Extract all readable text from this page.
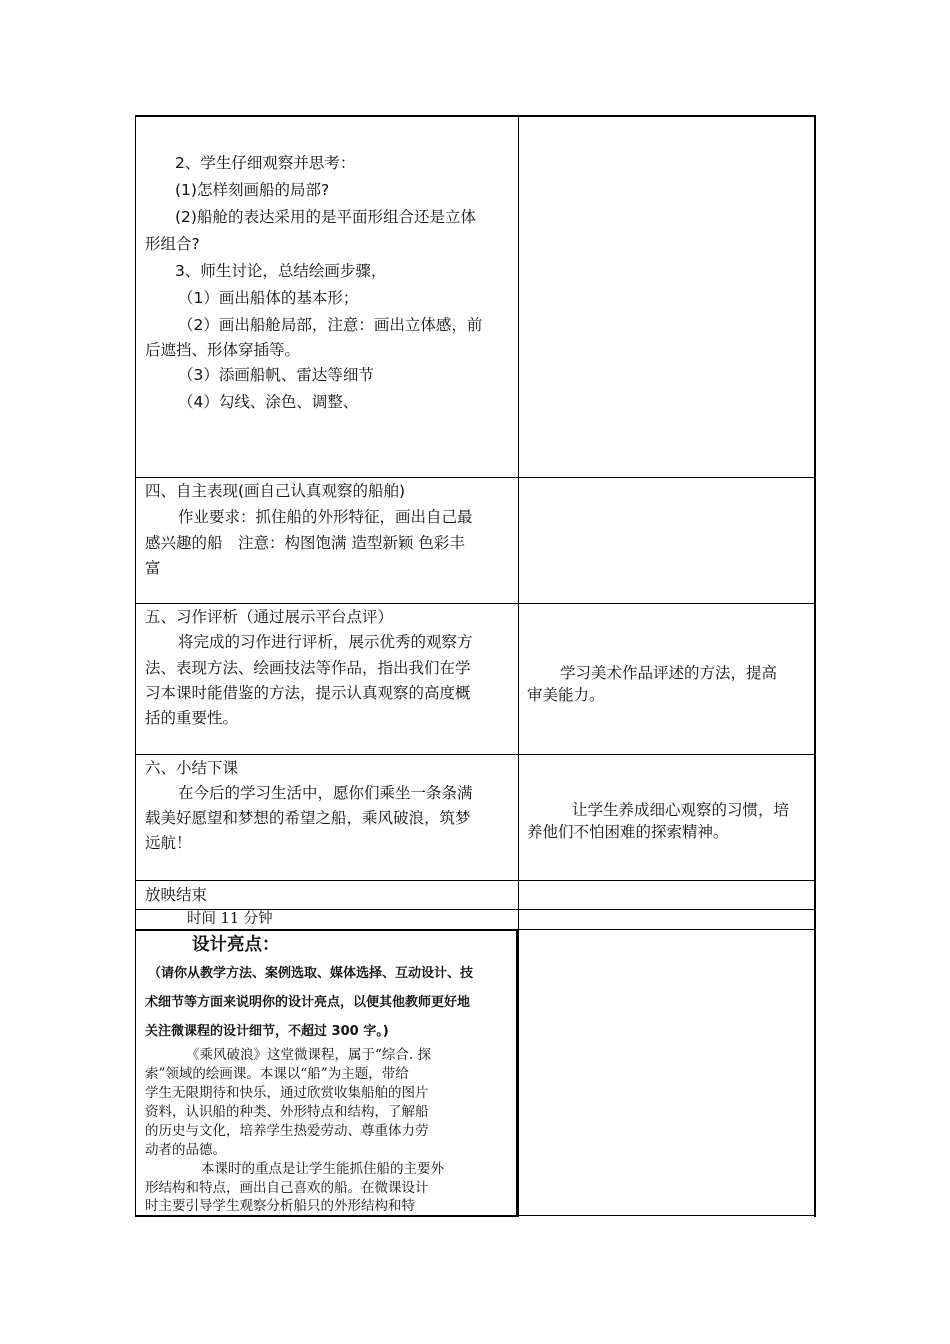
2、学生仔细观察并思考：
(1)怎样刻画船的局部?
(2)船舱的表达采用的是平面形组合还是立体
形组合?
3、师生讨论，总结绘画步骤，
（1）画出船体的基本形；
（2）画出船舱局部，注意：画出立体感，前
后遮挡、形体穿插等。
（3）添画船帆、雷达等细节
（4）勾线、涂色、调整、
四、自主表现(画自己认真观察的船舶)
作业要求：抓住船的外形特征，画出自己最
感兴趣的船　注意：构图饱满 造型新颖 色彩丰
富
五、习作评析（通过展示平台点评）
将完成的习作进行评析，展示优秀的观察方
法、表现方法、绘画技法等作品，指出我们在学
习本课时能借鉴的方法，提示认真观察的高度概
括的重要性。
学习美术作品评述的方法，提高
审美能力。
六、小结下课
在今后的学习生活中，愿你们乘坐一条条满
载美好愿望和梦想的希望之船，乘风破浪，筑梦
远航！
让学生养成细心观察的习惯，培
养他们不怕困难的探索精神。
放映结束
时间 11 分钟
设计亮点：
（请你从教学方法、案例选取、媒体选择、互动设计、技
术细节等方面来说明你的设计亮点，以便其他教师更好地
关注微课程的设计细节，不超过 300 字。)
《乘风破浪》这堂微课程，属于“综合. 探
索”领域的绘画课。本课以“船”为主题，带给
学生无限期待和快乐，通过欣赏收集船舶的图片
资料，认识船的种类、外形特点和结构，了解船
的历史与文化，培养学生热爱劳动、尊重体力劳
动者的品德。
本课时的重点是让学生能抓住船的主要外
形结构和特点，画出自己喜欢的船。在微课设计
时主要引导学生观察分析船只的外形结构和特
